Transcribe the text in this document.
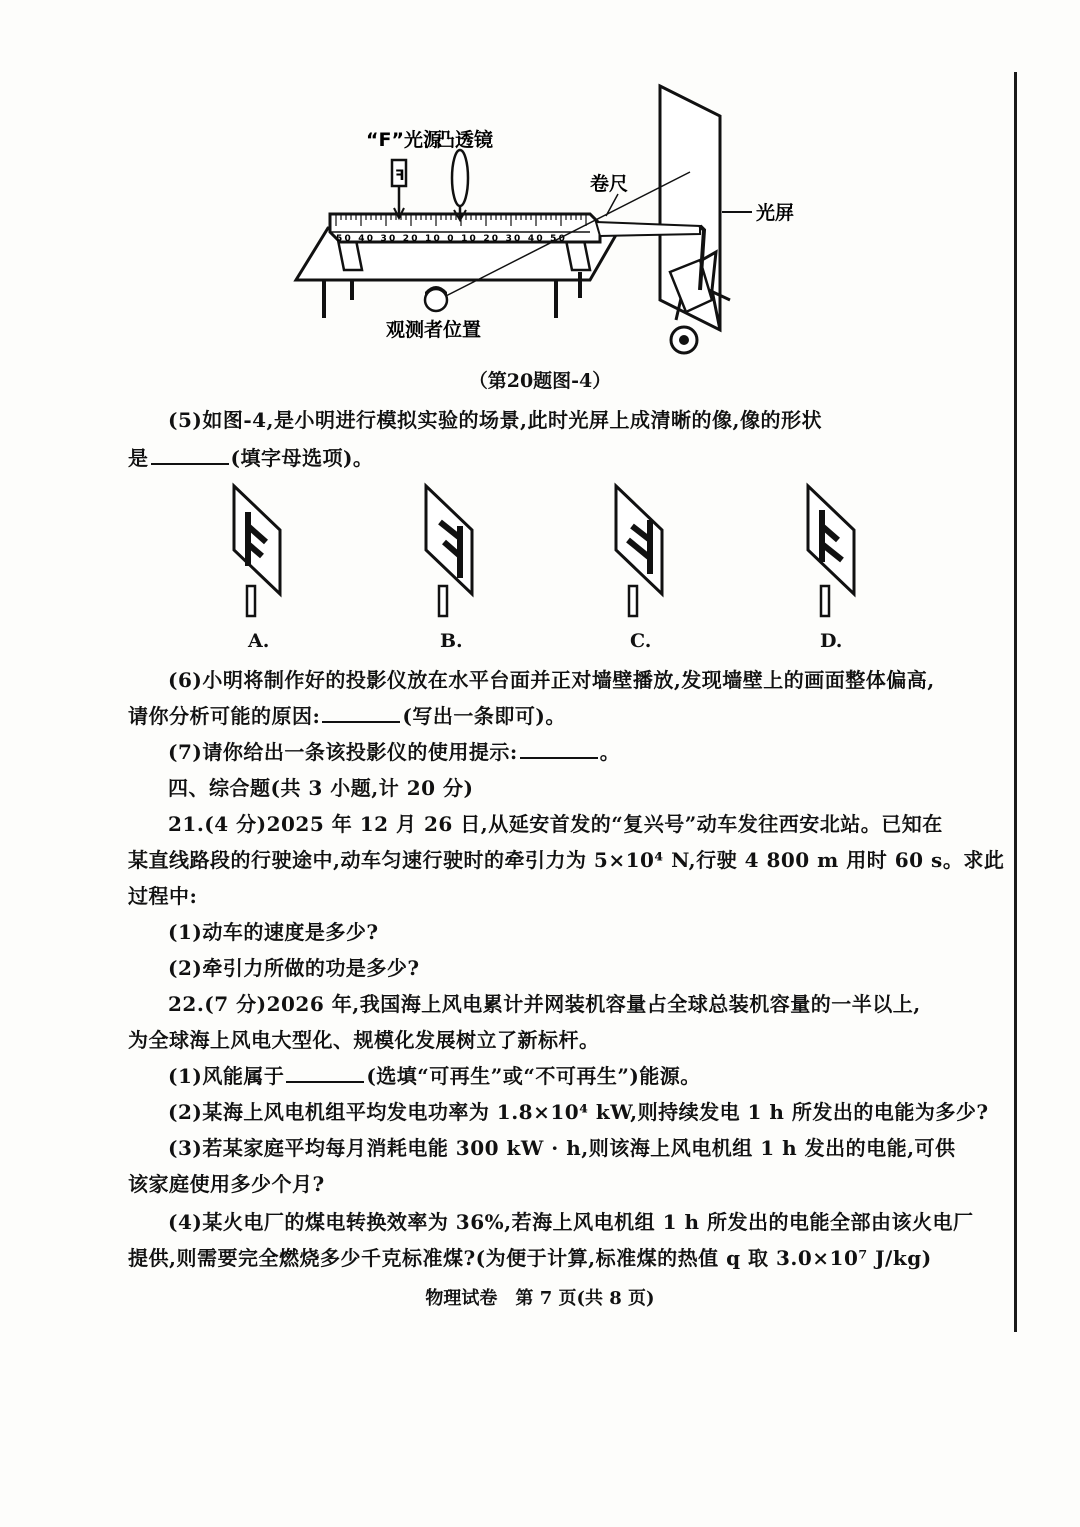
50 40 30 20 10 0 10 20 30 40 50
ꟻ
“F”光源
凸透镜
卷尺
光屏
观测者位置
（第20题图-4）
(5)如图-4,是小明进行模拟实验的场景,此时光屏上成清晰的像,像的形状
是	(填字母选项)。
A.	B.	C.	D.
(6)小明将制作好的投影仪放在水平台面并正对墙壁播放,发现墙壁上的画面整体偏高,
请你分析可能的原因:	(写出一条即可)。
(7)请你给出一条该投影仪的使用提示:	。
四、综合题(共 3 小题,计 20 分)
21.(4 分)2025 年 12 月 26 日,从延安首发的“复兴号”动车发往西安北站。已知在
某直线路段的行驶途中,动车匀速行驶时的牵引力为 5×10⁴ N,行驶 4 800 m 用时 60 s。求此
过程中:
(1)动车的速度是多少?
(2)牵引力所做的功是多少?
22.(7 分)2026 年,我国海上风电累计并网装机容量占全球总装机容量的一半以上,
为全球海上风电大型化、规模化发展树立了新标杆。
(1)风能属于	(选填“可再生”或“不可再生”)能源。
(2)某海上风电机组平均发电功率为 1.8×10⁴ kW,则持续发电 1 h 所发出的电能为多少?
(3)若某家庭平均每月消耗电能 300 kW · h,则该海上风电机组 1 h 发出的电能,可供
该家庭使用多少个月?
(4)某火电厂的煤电转换效率为 36%,若海上风电机组 1 h 所发出的电能全部由该火电厂
提供,则需要完全燃烧多少千克标准煤?(为便于计算,标准煤的热值 q 取 3.0×10⁷ J/kg)
物理试卷　第 7 页(共 8 页)
